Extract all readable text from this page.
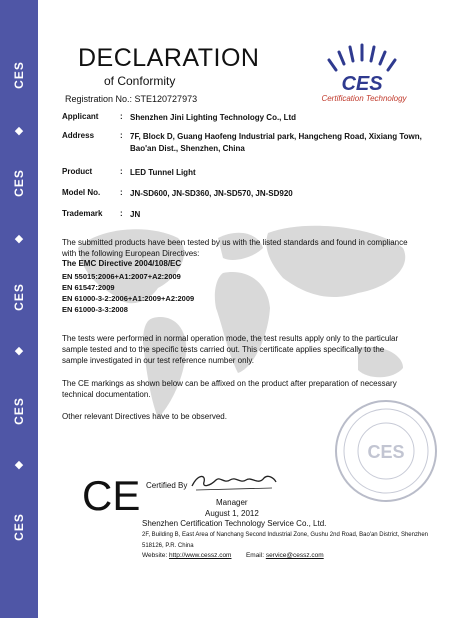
CES
◆
CES
◆
CES
◆
CES
◆
CES
DECLARATION
of Conformity
Registration No.: STE120727973
CES
Certification Technology
Applicant	: Shenzhen Jini Lighting Technology Co., Ltd
Address	: 7F, Block D, Guang Haofeng Industrial park, Hangcheng Road, Xixiang Town, Bao'an Dist., Shenzhen, China
Product	: LED Tunnel Light
Model No.	: JN-SD600, JN-SD360, JN-SD570, JN-SD920
Trademark	: JN
The submitted products have been tested by us with the listed standards and found in compliance with the following European Directives:
The EMC Directive 2004/108/EC
EN 55015:2006+A1:2007+A2:2009
EN 61547:2009
EN 61000-3-2:2006+A1:2009+A2:2009
EN 61000-3-3:2008
The tests were performed in normal operation mode, the test results apply only to the particular sample tested and to the specific tests carried out. This certificate applies specifically to the sample investigated in our test reference number only.
The CE markings as shown below can be affixed on the product after preparation of necessary technical documentation.
Other relevant Directives have to be observed.
CES
CE Certified By
Manager
August 1, 2012
Shenzhen Certification Technology Service Co., Ltd.
2F, Building B, East Area of Nanchang Second Industrial Zone, Gushu 2nd Road, Bao'an District, Shenzhen 518126, P.R. China
Website: http://www.cessz.com Email: service@cessz.com
